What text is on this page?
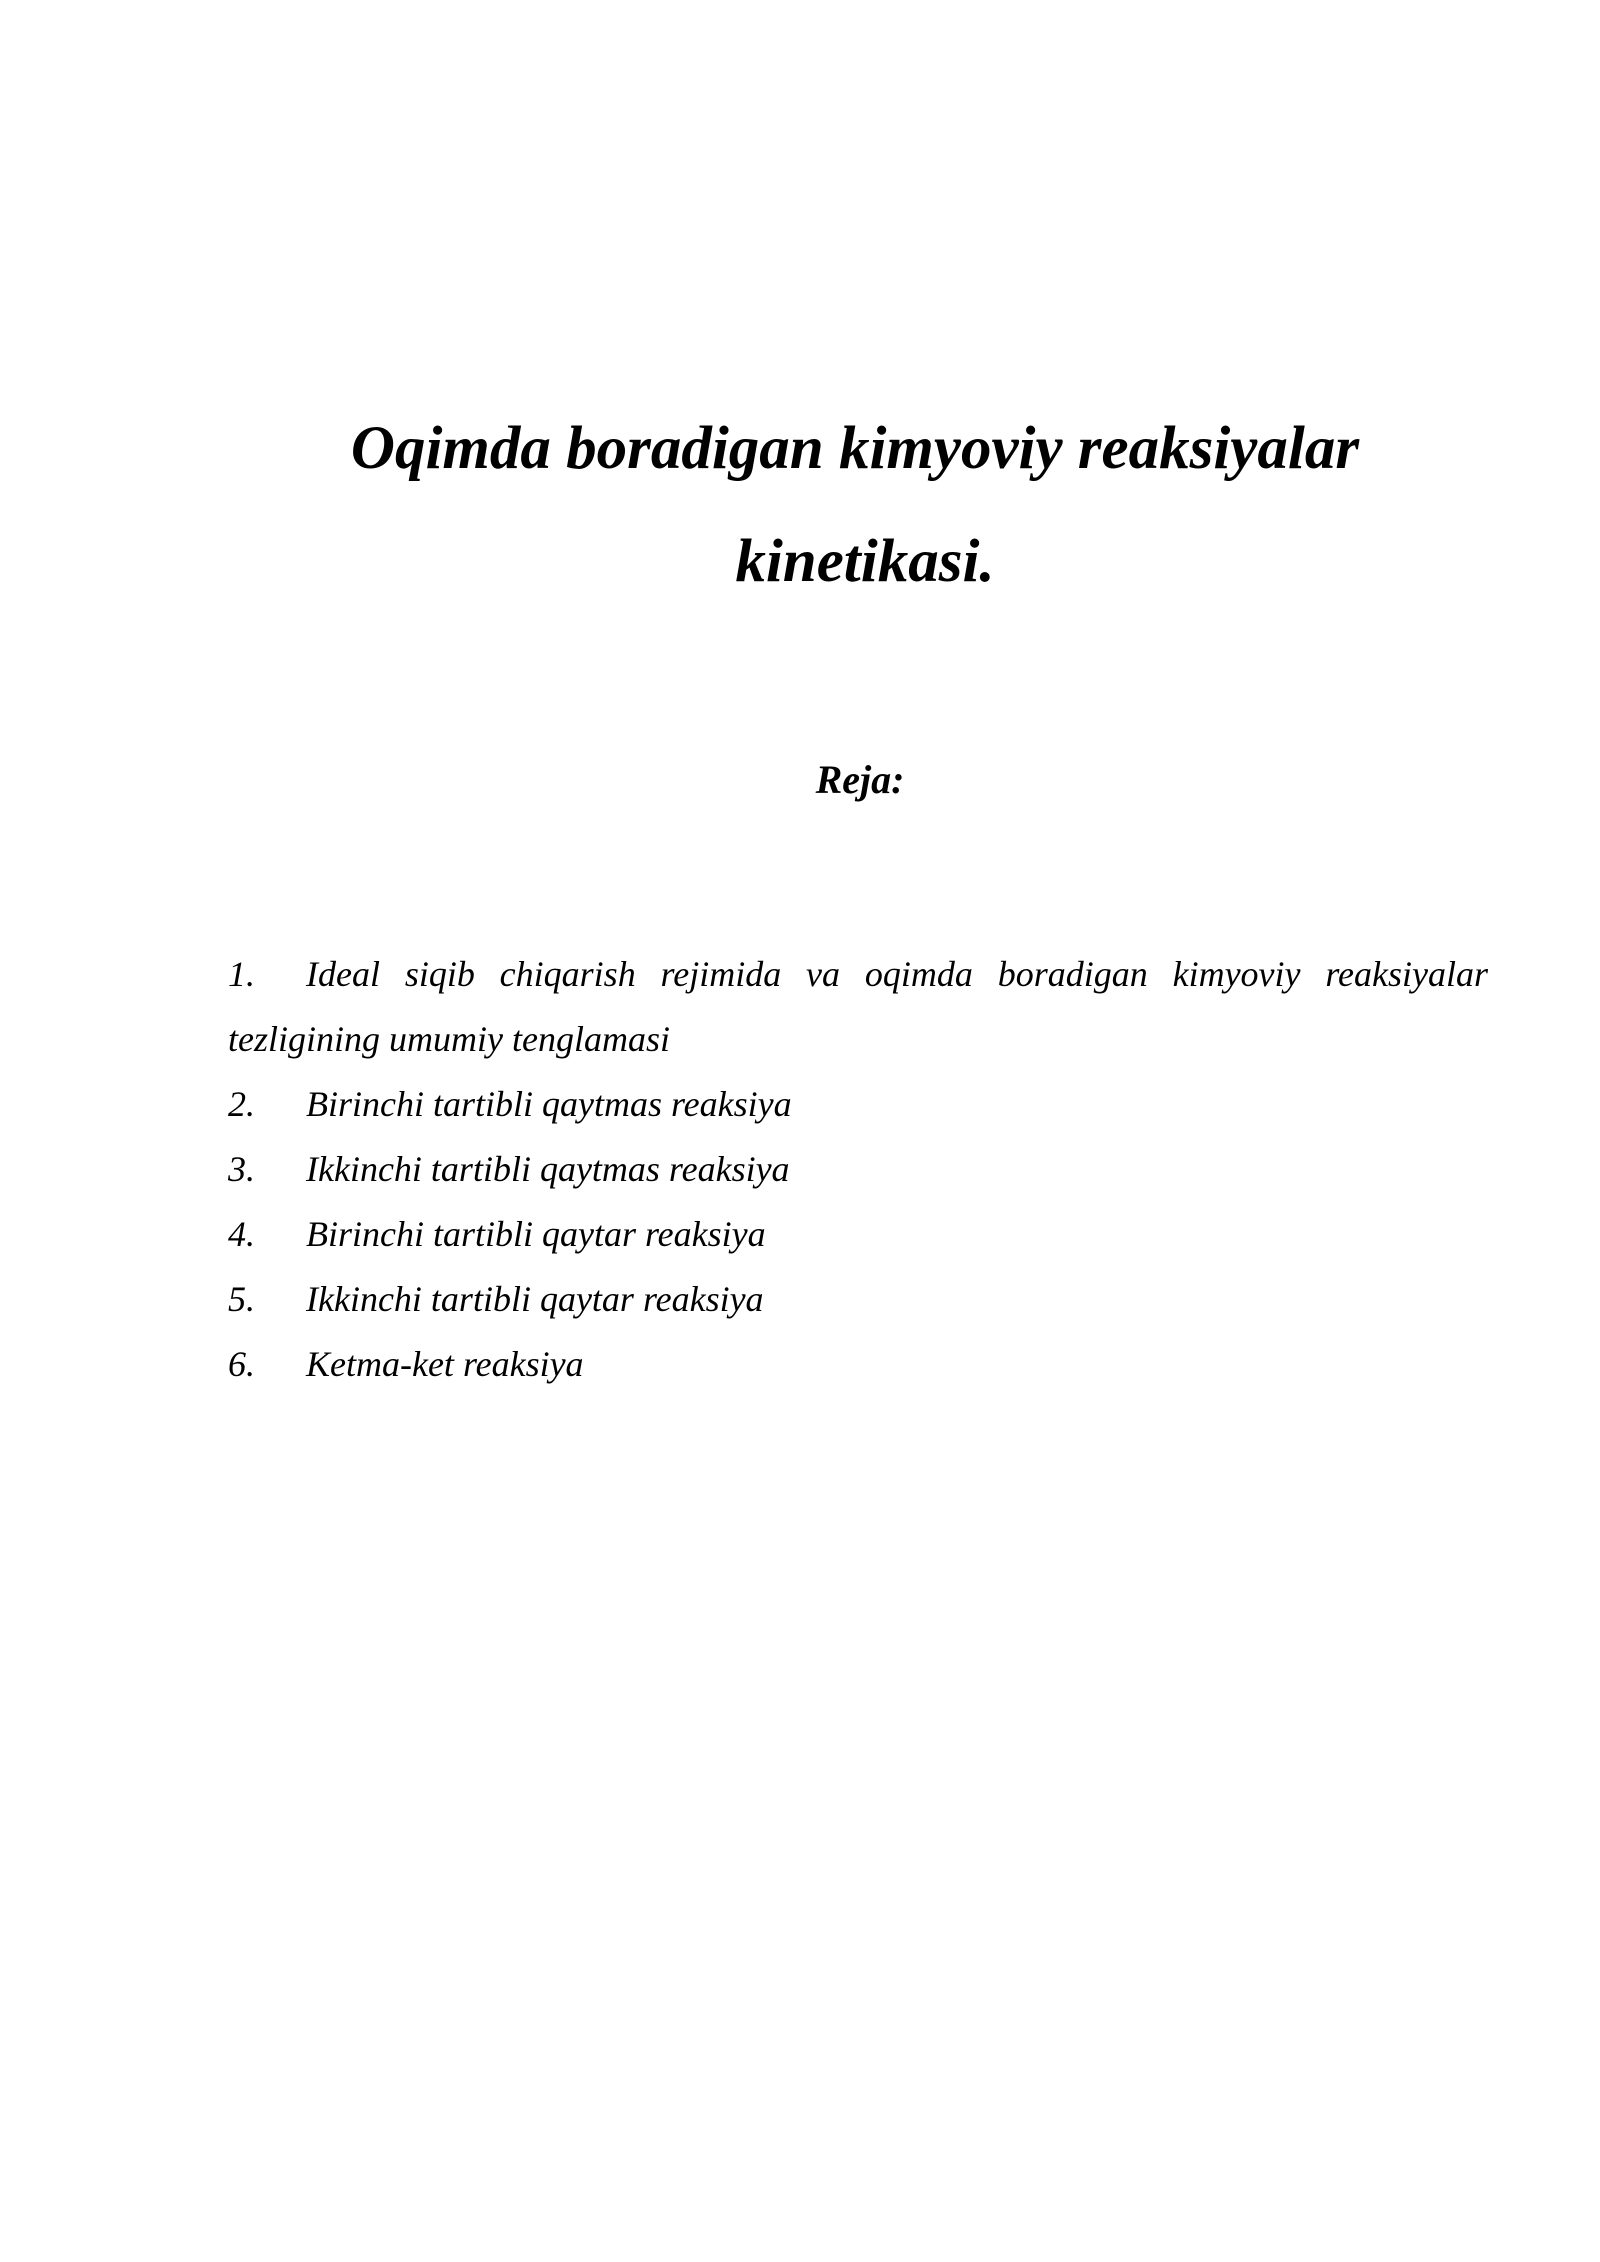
Oqimda boradigan kimyoviy reaksiyalar
kinetikasi.
Reja:
1.	Ideal siqib chiqarish rejimida va oqimda boradigan kimyoviy reaksiyalar
tezligining umumiy tenglamasi
2.	Birinchi tartibli qaytmas reaksiya
3.	Ikkinchi tartibli qaytmas reaksiya
4.	Birinchi tartibli qaytar reaksiya
5.	Ikkinchi tartibli qaytar reaksiya
6.	Ketma-ket reaksiya
